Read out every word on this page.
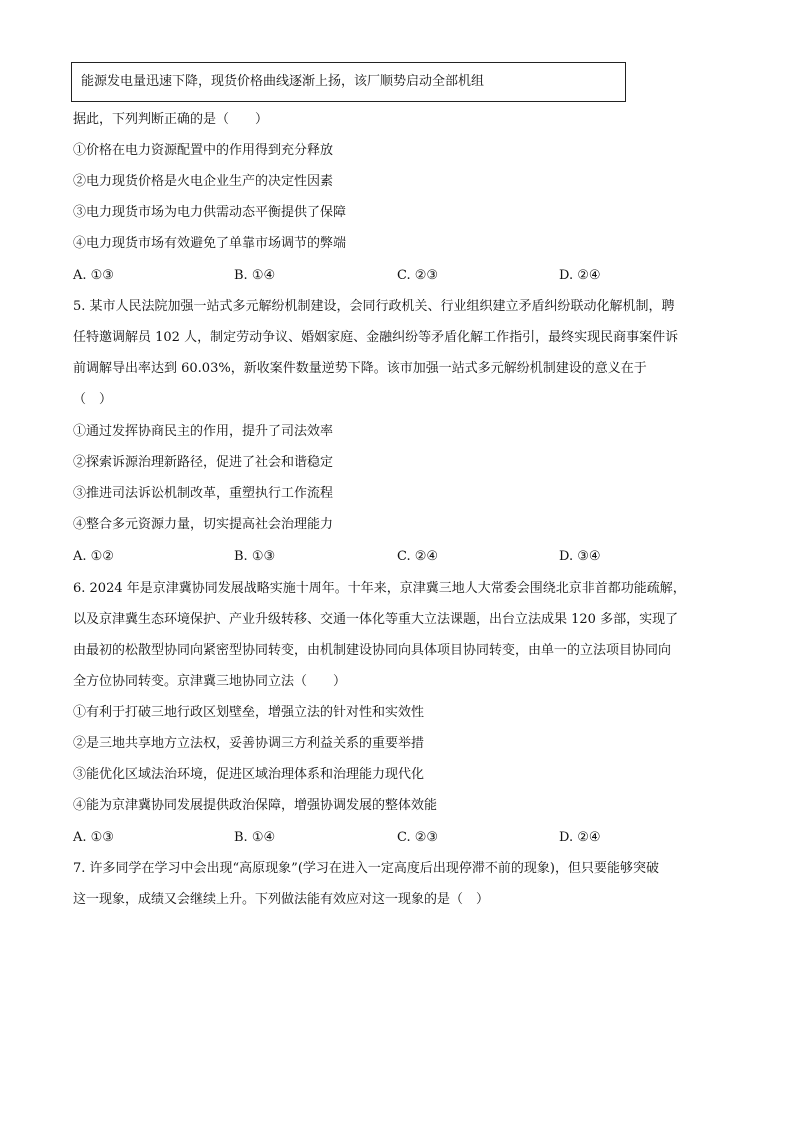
能源发电量迅速下降，现货价格曲线逐渐上扬，该厂顺势启动全部机组
据此，下列判断正确的是（　　）
①价格在电力资源配置中的作用得到充分释放
②电力现货价格是火电企业生产的决定性因素
③电力现货市场为电力供需动态平衡提供了保障
④电力现货市场有效避免了单靠市场调节的弊端
A. ①③	B. ①④	C. ②③	D. ②④
5. 某市人民法院加强一站式多元解纷机制建设，会同行政机关、行业组织建立矛盾纠纷联动化解机制，聘
任特邀调解员 102 人，制定劳动争议、婚姻家庭、金融纠纷等矛盾化解工作指引，最终实现民商事案件诉
前调解导出率达到 60.03%，新收案件数量逆势下降。该市加强一站式多元解纷机制建设的意义在于
（　）
①通过发挥协商民主的作用，提升了司法效率
②探索诉源治理新路径，促进了社会和谐稳定
③推进司法诉讼机制改革，重塑执行工作流程
④整合多元资源力量，切实提高社会治理能力
A. ①②	B. ①③	C. ②④	D. ③④
6. 2024 年是京津冀协同发展战略实施十周年。十年来，京津冀三地人大常委会围绕北京非首都功能疏解，
以及京津冀生态环境保护、产业升级转移、交通一体化等重大立法课题，出台立法成果 120 多部，实现了
由最初的松散型协同向紧密型协同转变，由机制建设协同向具体项目协同转变，由单一的立法项目协同向
全方位协同转变。京津冀三地协同立法（　　）
①有利于打破三地行政区划壁垒，增强立法的针对性和实效性
②是三地共享地方立法权，妥善协调三方利益关系的重要举措
③能优化区域法治环境，促进区域治理体系和治理能力现代化
④能为京津冀协同发展提供政治保障，增强协调发展的整体效能
A. ①③	B. ①④	C. ②③	D. ②④
7. 许多同学在学习中会出现“高原现象”(学习在进入一定高度后出现停滞不前的现象)，但只要能够突破
这一现象，成绩又会继续上升。下列做法能有效应对这一现象的是（　）
